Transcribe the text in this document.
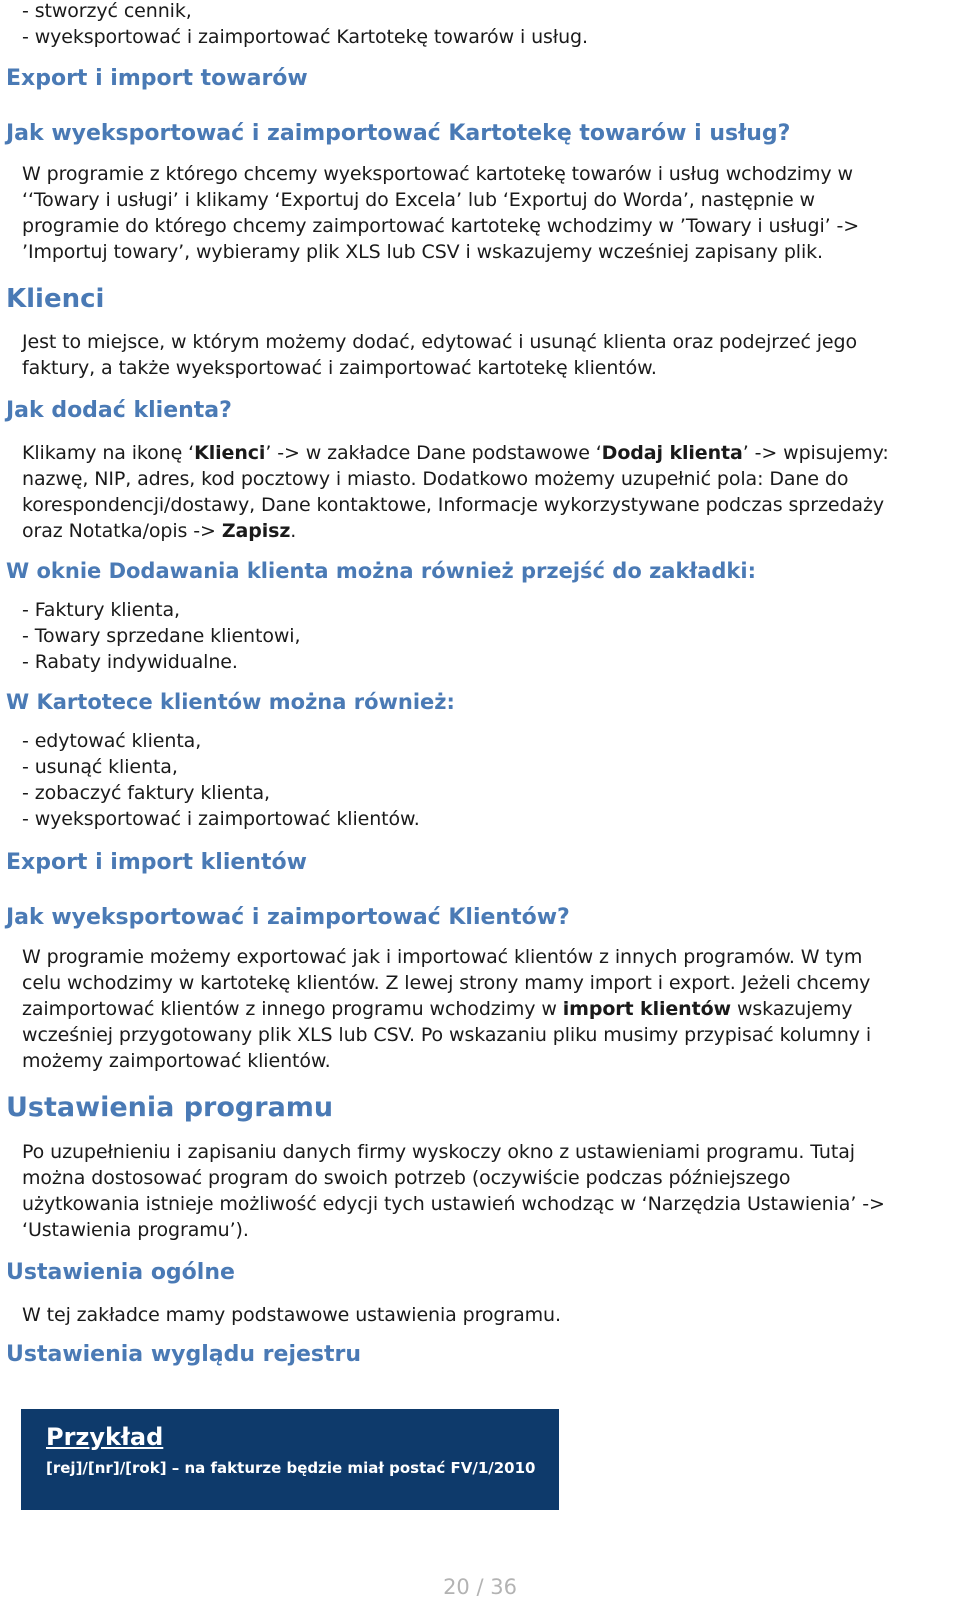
- stworzyć cennik,
- wyeksportować i zaimportować Kartotekę towarów i usług.
Export i import towarów
Jak wyeksportować i zaimportować Kartotekę towarów i usług?
W programie z którego chcemy wyeksportować kartotekę towarów i usług wchodzimy w
‘‘Towary i usługi’ i klikamy ‘Exportuj do Excela’ lub ‘Exportuj do Worda’, następnie w
programie do którego chcemy zaimportować kartotekę wchodzimy w ’Towary i usługi’ ->
’Importuj towary’, wybieramy plik XLS lub CSV i wskazujemy wcześniej zapisany plik.
Klienci
Jest to miejsce, w którym możemy dodać, edytować i usunąć klienta oraz podejrzeć jego
faktury, a także wyeksportować i zaimportować kartotekę klientów.
Jak dodać klienta?
Klikamy na ikonę ‘Klienci’ -> w zakładce Dane podstawowe ‘Dodaj klienta’ -> wpisujemy:
nazwę, NIP, adres, kod pocztowy i miasto. Dodatkowo możemy uzupełnić pola: Dane do
korespondencji/dostawy, Dane kontaktowe, Informacje wykorzystywane podczas sprzedaży
oraz Notatka/opis -> Zapisz.
W oknie Dodawania klienta można również przejść do zakładki:
- Faktury klienta,
- Towary sprzedane klientowi,
- Rabaty indywidualne.
W Kartotece klientów można również:
- edytować klienta,
- usunąć klienta,
- zobaczyć faktury klienta,
- wyeksportować i zaimportować klientów.
Export i import klientów
Jak wyeksportować i zaimportować Klientów?
W programie możemy exportować jak i importować klientów z innych programów. W tym
celu wchodzimy w kartotekę klientów. Z lewej strony mamy import i export. Jeżeli chcemy
zaimportować klientów z innego programu wchodzimy w import klientów wskazujemy
wcześniej przygotowany plik XLS lub CSV. Po wskazaniu pliku musimy przypisać kolumny i
możemy zaimportować klientów.
Ustawienia programu
Po uzupełnieniu i zapisaniu danych firmy wyskoczy okno z ustawieniami programu. Tutaj
można dostosować program do swoich potrzeb (oczywiście podczas późniejszego
użytkowania istnieje możliwość edycji tych ustawień wchodząc w ‘Narzędzia Ustawienia’ ->
‘Ustawienia programu’).
Ustawienia ogólne
W tej zakładce mamy podstawowe ustawienia programu.
Ustawienia wyglądu rejestru
Przykład
[rej]/[nr]/[rok] – na fakturze będzie miał postać FV/1/2010
20 / 36
